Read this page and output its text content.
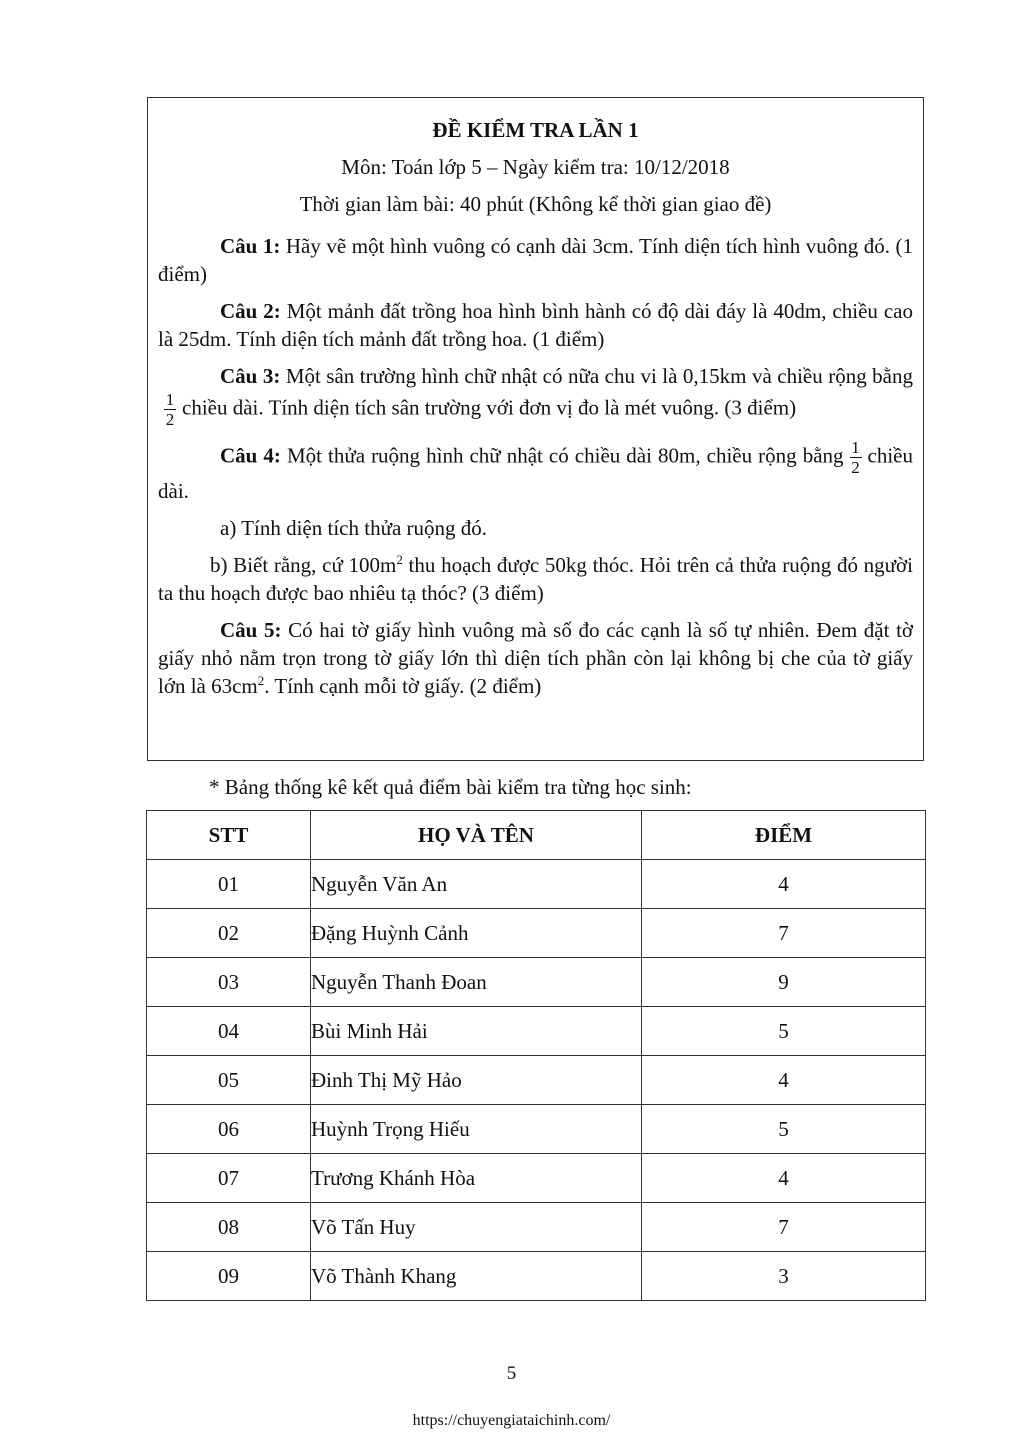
ĐỀ KIỂM TRA LẦN 1
Môn: Toán lớp 5 – Ngày kiểm tra: 10/12/2018
Thời gian làm bài: 40 phút (Không kể thời gian giao đề)
Câu 1: Hãy vẽ một hình vuông có cạnh dài 3cm. Tính diện tích hình vuông đó. (1 điểm)
Câu 2: Một mảnh đất trồng hoa hình bình hành có độ dài đáy là 40dm, chiều cao là 25dm. Tính diện tích mảnh đất trồng hoa. (1 điểm)
Câu 3: Một sân trường hình chữ nhật có nữa chu vi là 0,15km và chiều rộng bằng
$\frac{1}{2}$ chiều dài. Tính diện tích sân trường với đơn vị đo là mét vuông. (3 điểm)
Câu 4: Một thửa ruộng hình chữ nhật có chiều dài 80m, chiều rộng bằng $\frac{1}{2}$ chiều dài.
a) Tính diện tích thửa ruộng đó.
b) Biết rằng, cứ $100m^2$ thu hoạch được 50kg thóc. Hỏi trên cả thửa ruộng đó người ta thu hoạch được bao nhiêu tạ thóc? (3 điểm)
Câu 5: Có hai tờ giấy hình vuông mà số đo các cạnh là số tự nhiên. Đem đặt tờ giấy nhỏ nằm trọn trong tờ giấy lớn thì diện tích phần còn lại không bị che của tờ giấy lớn là $63cm^2$. Tính cạnh mỗi tờ giấy. (2 điểm)
* Bảng thống kê kết quả điểm bài kiểm tra từng học sinh:
STT	HỌ VÀ TÊN	ĐIỂM
01	Nguyễn Văn An	4
02	Đặng Huỳnh Cảnh	7
03	Nguyễn Thanh Đoan	9
04	Bùi Minh Hải	5
05	Đinh Thị Mỹ Hảo	4
06	Huỳnh Trọng Hiếu	5
07	Trương Khánh Hòa	4
08	Võ Tấn Huy	7
09	Võ Thành Khang	3
5
https://chuyengiataichinh.com/
